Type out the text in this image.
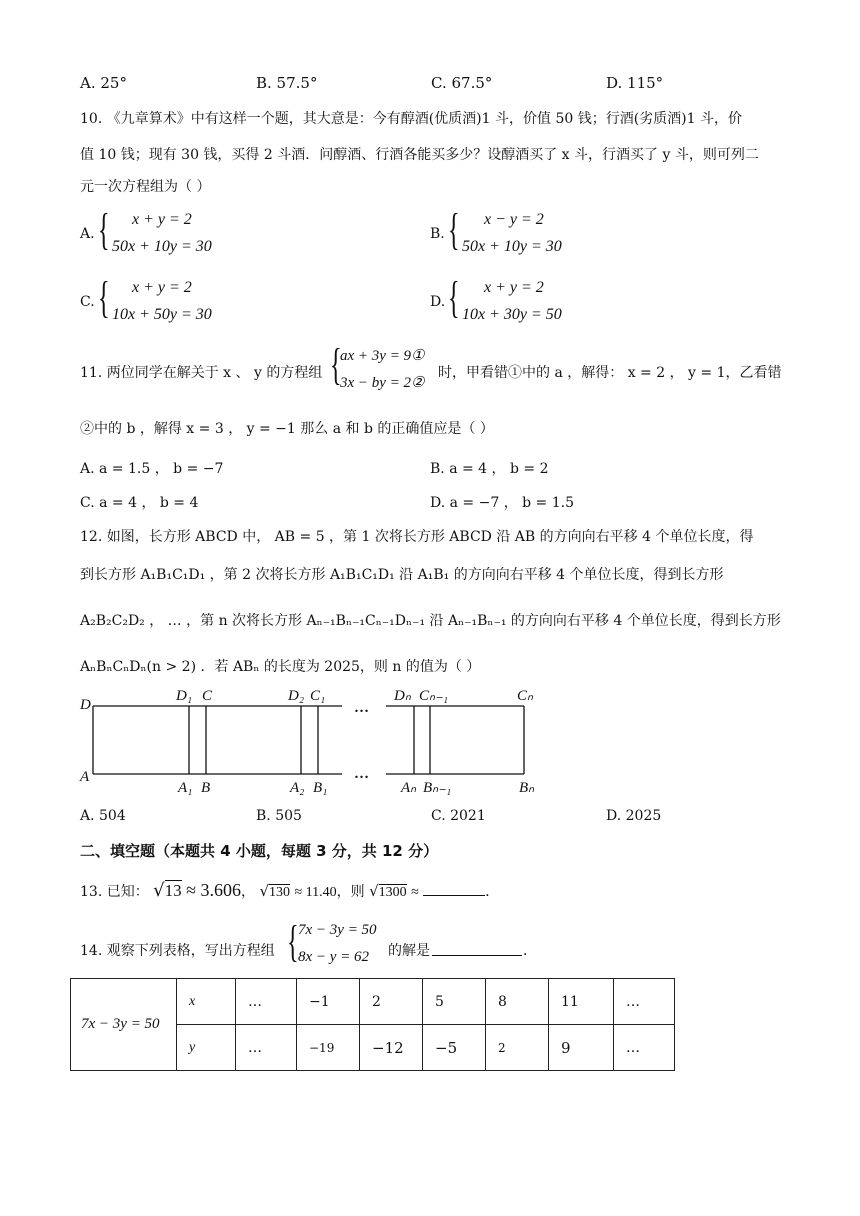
A. 25°	B. 57.5°	C. 67.5°	D. 115°
10. 《九章算术》中有这样一个题，其大意是：今有醇酒(优质酒)1 斗，价值 50 钱；行酒(劣质酒)1 斗，价
值 10 钱；现有 30 钱，买得 2 斗酒．问醇酒、行酒各能买多少？设醇酒买了 x 斗，行酒买了 y 斗，则可列二
元一次方程组为（ ）
A. { x + y = 2
50x + 10y = 30
B. { x − y = 2
50x + 10y = 30
C. { x + y = 2
10x + 50y = 30
D. { x + y = 2
10x + 30y = 50
11. 两位同学在解关于 x 、 y 的方程组 {
ax + 3y = 9①
3x − by = 2②
时，甲看错①中的 a ，解得： x = 2 ， y = 1，乙看错
②中的 b ，解得 x = 3 ， y = −1 那么 a 和 b 的正确值应是（ ）
A. a = 1.5 ， b = −7	B. a = 4 ， b = 2
C. a = 4 ， b = 4	D. a = −7 ， b = 1.5
12. 如图，长方形 ABCD 中， AB = 5 ，第 1 次将长方形 ABCD 沿 AB 的方向向右平移 4 个单位长度，得
到长方形 A₁B₁C₁D₁ ，第 2 次将长方形 A₁B₁C₁D₁ 沿 A₁B₁ 的方向向右平移 4 个单位长度，得到长方形
A₂B₂C₂D₂ ， … ，第 n 次将长方形 Aₙ₋₁Bₙ₋₁Cₙ₋₁Dₙ₋₁ 沿 Aₙ₋₁Bₙ₋₁ 的方向向右平移 4 个单位长度，得到长方形
AₙBₙCₙDₙ(n > 2) ．若 ABₙ 的长度为 2025，则 n 的值为（ ）
D
D₁ C	D₂ C₁
…
Dₙ Cₙ₋₁	Cₙ
A
A₁ B	A₂ B₁
…
Aₙ Bₙ₋₁	Bₙ
A. 504	B. 505	C. 2021	D. 2025
二、填空题（本题共 4 小题，每题 3 分，共 12 分）
13. 已知： √13 ≈ 3.606， √130 ≈ 11.40，则 √1300 ≈	．
14. 观察下列表格，写出方程组 { 7x − 3y = 50
8x − y = 62 的解是	．
7x − 3y = 50	x	…	−1	2	5	8	11	…
	y	…	−19	−12	−5	2	9	…
